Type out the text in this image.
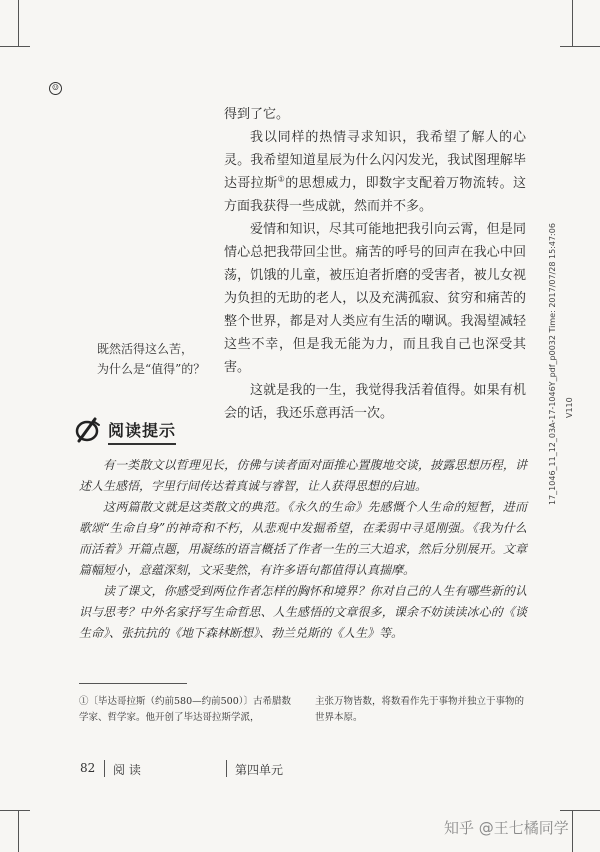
☺

得到了它。

我以同样的热情寻求知识，我希望了解人的心灵。我希望知道星辰为什么闪闪发光，我试图理解毕达哥拉斯①的思想威力，即数字支配着万物流转。这方面我获得一些成就，然而并不多。

爱情和知识，尽其可能地把我引向云霄，但是同情心总把我带回尘世。痛苦的呼号的回声在我心中回荡，饥饿的儿童，被压迫者折磨的受害者，被儿女视为负担的无助的老人，以及充满孤寂、贫穷和痛苦的整个世界，都是对人类应有生活的嘲讽。我渴望减轻这些不幸，但是我无能为力，而且我自己也深受其害。

这就是我的一生，我觉得我活着值得。如果有机会的话，我还乐意再活一次。

既然活得这么苦，
为什么是“值得”的？
阅读提示

有一类散文以哲理见长，仿佛与读者面对面推心置腹地交谈，披露思想历程，讲述人生感悟，字里行间传达着真诚与睿智，让人获得思想的启迪。

这两篇散文就是这类散文的典范。《永久的生命》先感慨个人生命的短暂，进而歌颂“生命自身”的神奇和不朽，从悲观中发掘希望，在柔弱中寻觅刚强。《我为什么而活着》开篇点题，用凝练的语言概括了作者一生的三大追求，然后分别展开。文章篇幅短小，意蕴深刻，文采斐然，有许多语句都值得认真揣摩。

读了课文，你感受到两位作者怎样的胸怀和境界？你对自己的人生有哪些新的认识与思考？中外名家抒写生命哲思、人生感悟的文章很多，课余不妨读读冰心的《谈生命》、张抗抗的《地下森林断想》、勃兰兑斯的《人生》等。

①〔毕达哥拉斯（约前580—约前500）〕古希腊数学家、哲学家。他开创了毕达哥拉斯学派，
主张万物皆数，将数看作先于事物并独立于事物的世界本原。
82 阅 读	第四单元
17_1046_11_12_03A-17-1046Y_pdf_p0032 Time: 2017/07/28 15:47:06 V110
知乎 @王七橘同学
